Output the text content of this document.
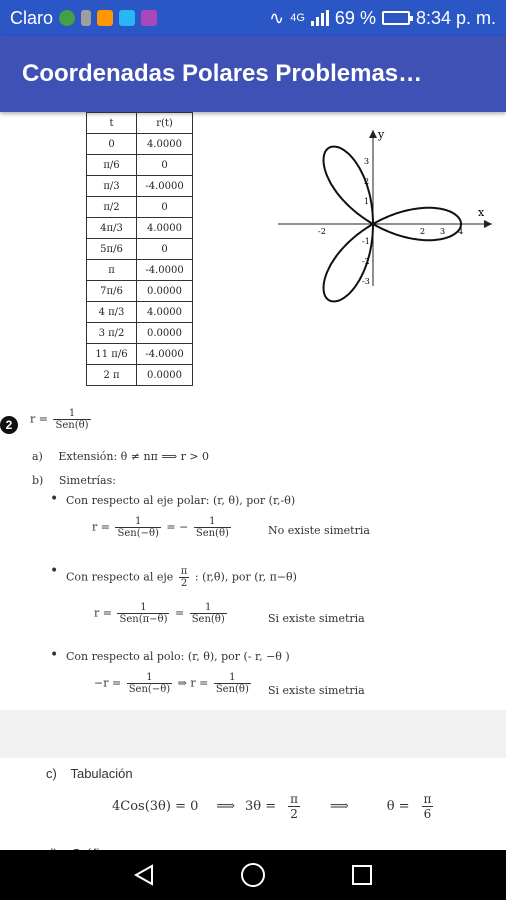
Claro	∿ 4G 69 % 8:34 p. m.
Coordenadas Polares Problemas…
t	r(t)
0	4.0000
π/6	0
π/3	-4.0000
π/2	0
4π/3	4.0000
5π/6	0
π	-4.0000
7π/6	0.0000
4 π/3	4.0000
3 π/2	0.0000
11 π/6	-4.0000
2 π	0.0000
x
y
-2	2 3 4
3
2
1
-1
-2
-3
2	$r = \frac{1}{\text{Sen(θ)}}$
a) Extensión: θ ≠ nπ ⟹ r > 0
b) Simetrías:
• Con respecto al eje polar: (r, θ), por (r,-θ)
$r = \frac{1}{\text{Sen(−θ)}}$ = − $\frac{1}{\text{Sen(θ)}}$	No existe simetria
• Con respecto al eje $\frac{\pi}{2}$ : (r,θ), por (r, π−θ)
$r = \frac{1}{\text{Sen(π−θ)}} = \frac{1}{\text{Sen(θ)}}$	Si existe simetria
• Con respecto al polo: (r, θ), por (- r, −θ )
$-r = \frac{1}{\text{Sen(−θ)}}$ ⇒ $r = \frac{1}{\text{Sen(θ)}}$ Si existe simetria
c) Tabulación
4Cos(3θ) = 0 ⟹ $3\theta = \frac{\pi}{2}$ ⟹	$\theta = \frac{\pi}{6}$
